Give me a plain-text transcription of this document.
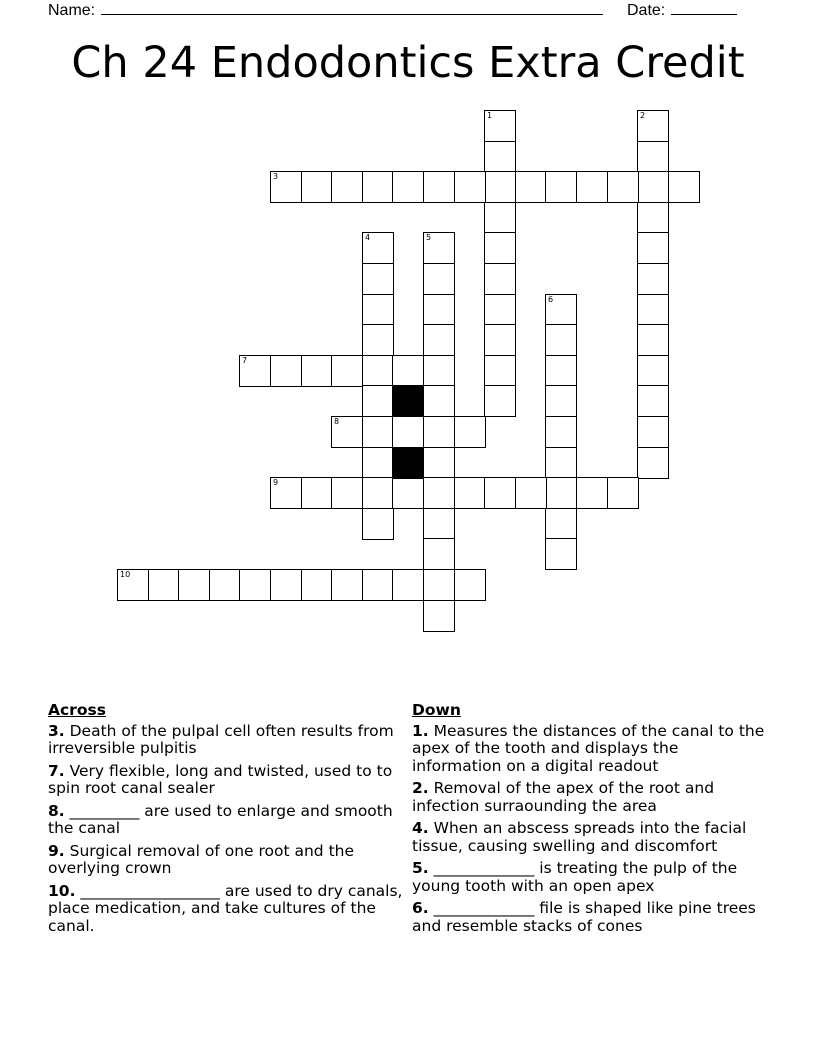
Name:	Date:
Ch 24 Endodontics Extra Credit
1	2
3
4	5
6
7
8
9
10
Across
3. Death of the pulpal cell often results from irreversible pulpitis
7. Very flexible, long and twisted, used to to spin root canal sealer
8. _________ are used to enlarge and smooth the canal
9. Surgical removal of one root and the overlying crown
10. __________________ are used to dry canals, place medication, and take cultures of the canal.
Down
1. Measures the distances of the canal to the apex of the tooth and displays the information on a digital readout
2. Removal of the apex of the root and infection surraounding the area
4. When an abscess spreads into the facial tissue, causing swelling and discomfort
5. _____________ is treating the pulp of the young tooth with an open apex
6. _____________ file is shaped like pine trees and resemble stacks of cones
